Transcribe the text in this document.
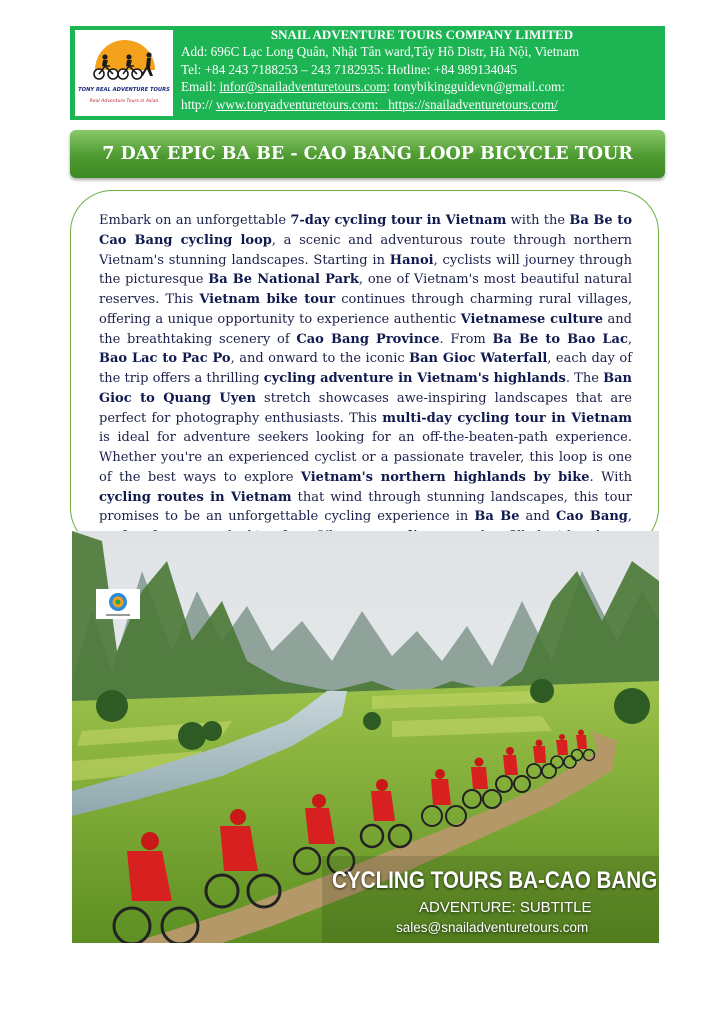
TONY REAL ADVENTURE TOURS
Real Adventure Tours in Asian
SNAIL ADVENTURE TOURS COMPANY LIMITED
Add: 696C Lạc Long Quân, Nhật Tân ward,Tây Hồ Distr, Hà Nội, Vietnam
Tel: +84 243 7188253 – 243 7182935: Hotline: +84 989134045
Email: infor@snailadventuretours.com: tonybikingguidevn@gmail.com:
http:// www.tonyadventuretours.com:_ https://snailadventuretours.com/
7 DAY EPIC BA BE - CAO BANG LOOP BICYCLE TOUR

Embark on an unforgettable 7-day cycling tour in Vietnam with the Ba Be to Cao Bang cycling loop, a scenic and adventurous route through northern Vietnam's stunning landscapes. Starting in Hanoi, cyclists will journey through the picturesque Ba Be National Park, one of Vietnam's most beautiful natural reserves. This Vietnam bike tour continues through charming rural villages, offering a unique opportunity to experience authentic Vietnamese culture and the breathtaking scenery of Cao Bang Province. From Ba Be to Bao Lac, Bao Lac to Pac Po, and onward to the iconic Ban Gioc Waterfall, each day of the trip offers a thrilling cycling adventure in Vietnam's highlands. The Ban Gioc to Quang Uyen stretch showcases awe-inspiring landscapes that are perfect for photography enthusiasts. This multi-day cycling tour in Vietnam is ideal for adventure seekers looking for an off-the-beaten-path experience. Whether you're an experienced cyclist or a passionate traveler, this loop is one of the best ways to explore Vietnam's northern highlands by bike. With cycling routes in Vietnam that wind through stunning landscapes, this tour promises to be an unforgettable cycling experience in Ba Be and Cao Bang,

CYCLING TOURS BA-CAO BANG
ADVENTURE: SUBTITLE
sales@snailadventuretours.com
